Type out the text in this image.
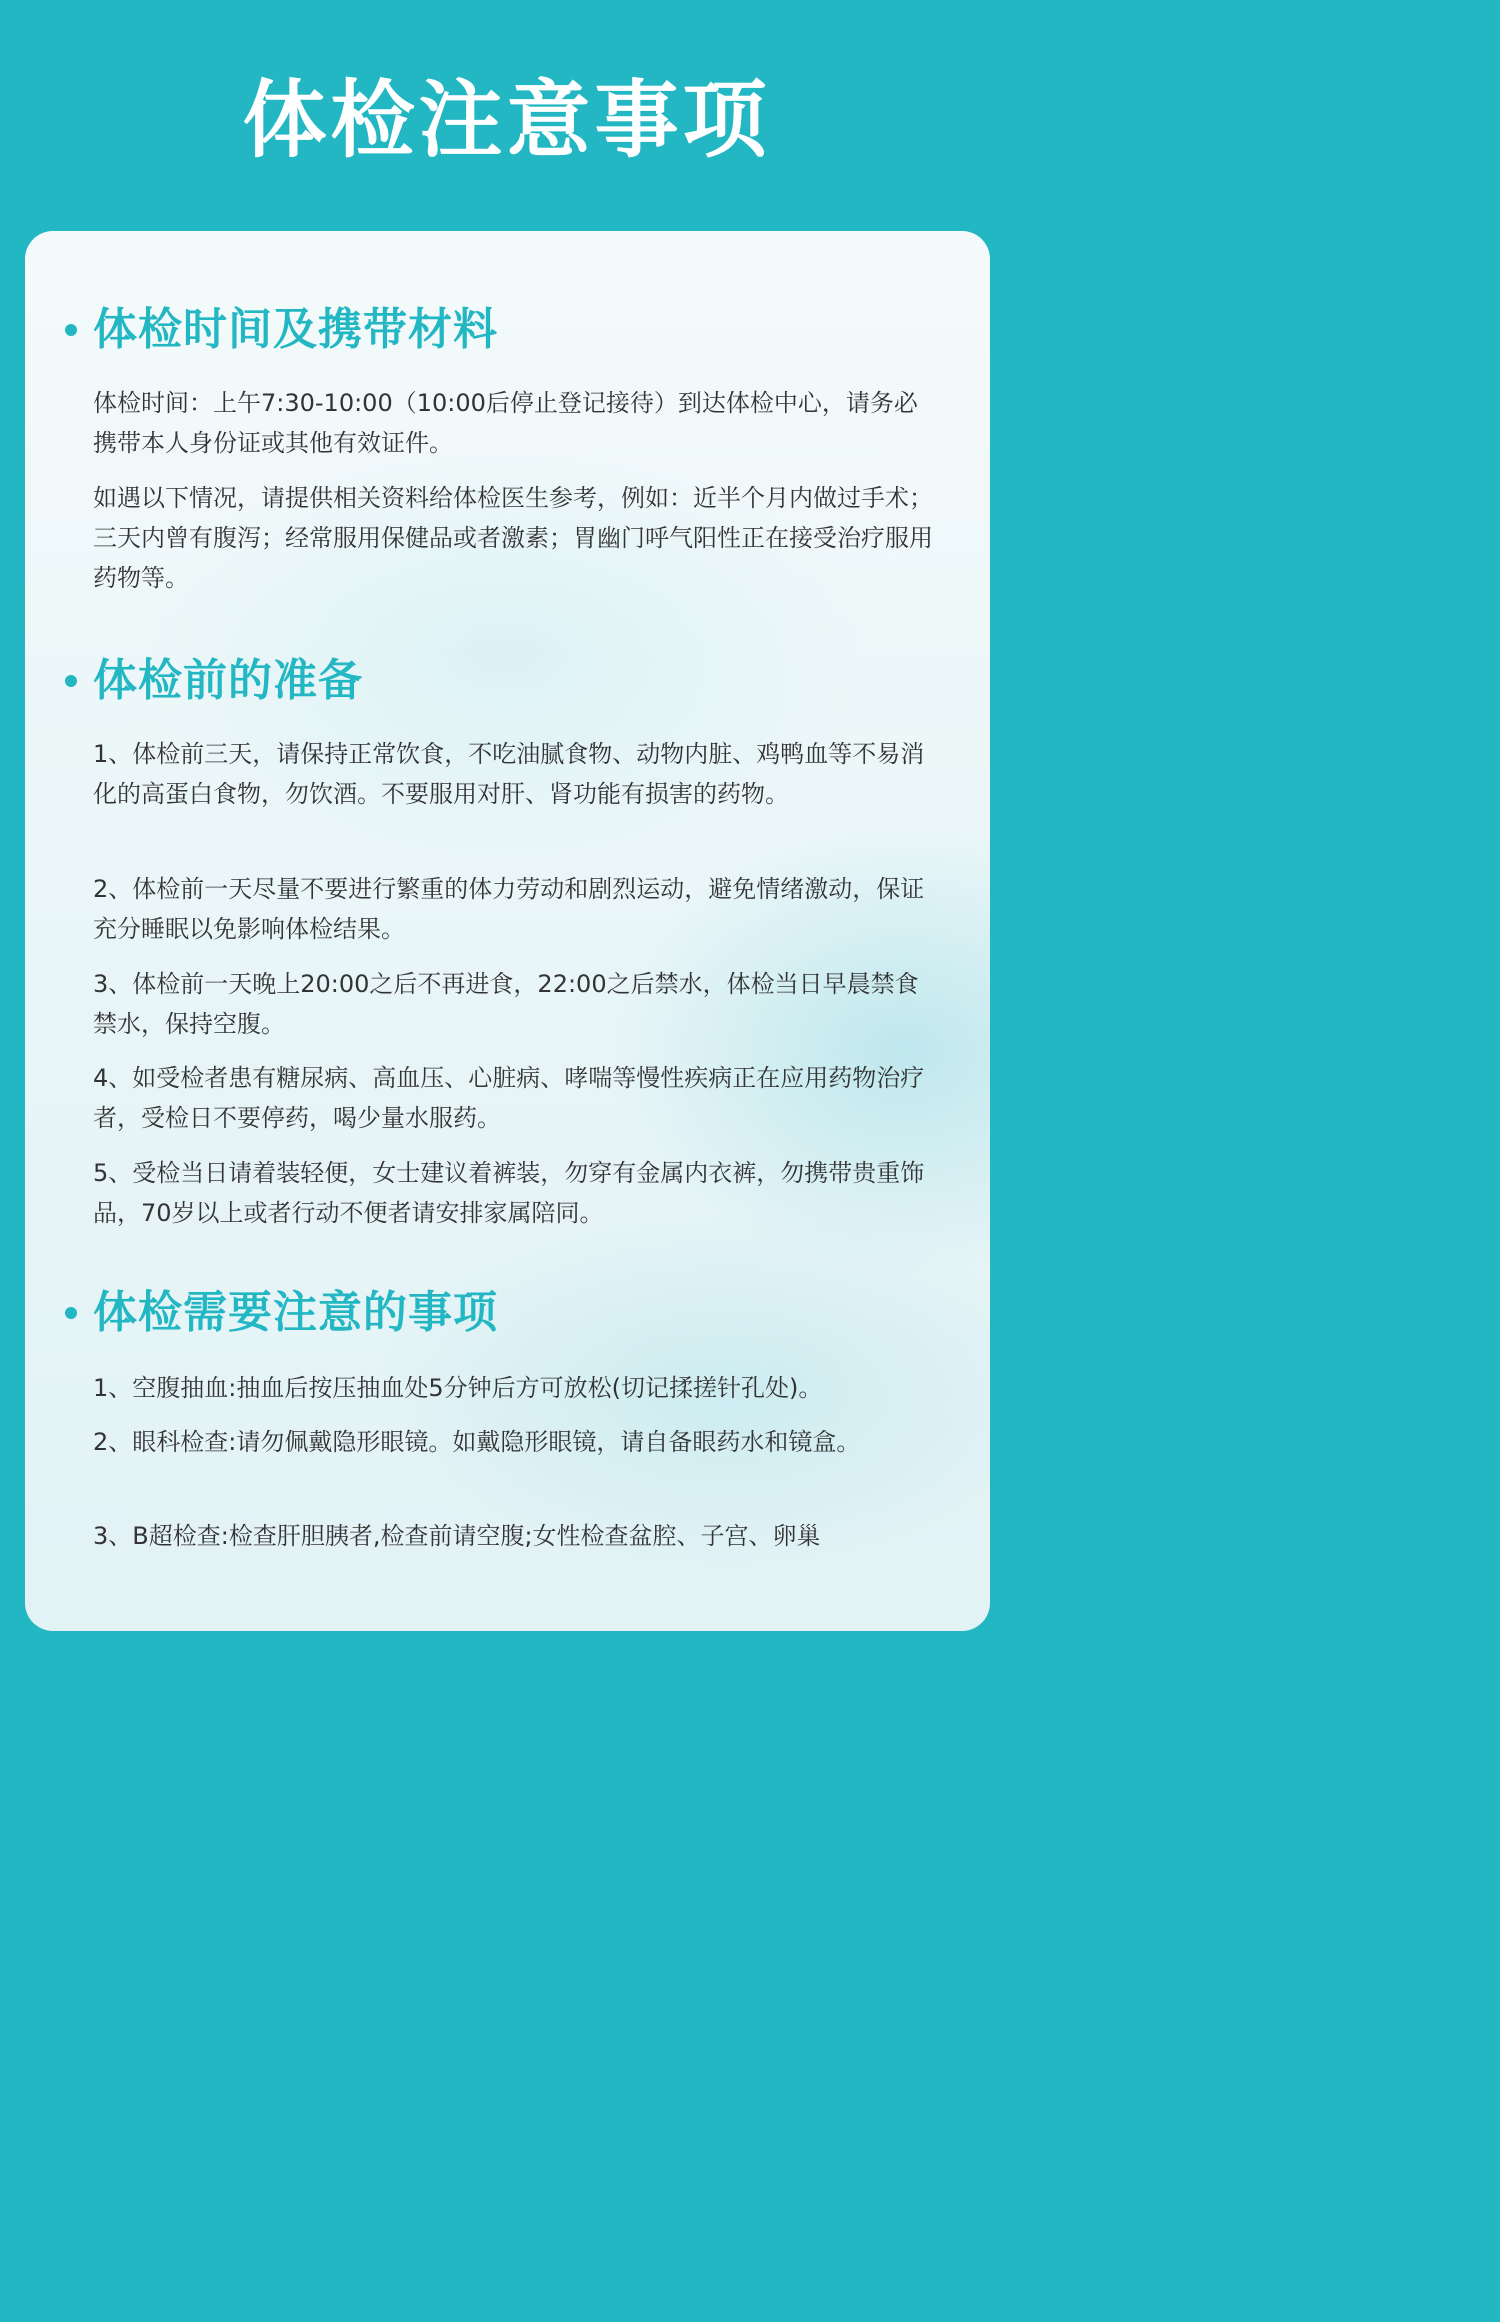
体检注意事项
体检时间及携带材料

体检时间：上午7:30-10:00（10:00后停止登记接待）到达体检中心，请务必携带本人身份证或其他有效证件。

如遇以下情况，请提供相关资料给体检医生参考，例如：近半个月内做过手术；三天内曾有腹泻；经常服用保健品或者激素；胃幽门呼气阳性正在接受治疗服用药物等。

体检前的准备

1、体检前三天，请保持正常饮食，不吃油腻食物、动物内脏、鸡鸭血等不易消化的高蛋白食物，勿饮酒。不要服用对肝、肾功能有损害的药物。

2、体检前一天尽量不要进行繁重的体力劳动和剧烈运动，避免情绪激动，保证充分睡眠以免影响体检结果。

3、体检前一天晚上20:00之后不再进食，22:00之后禁水，体检当日早晨禁食禁水，保持空腹。

4、如受检者患有糖尿病、高血压、心脏病、哮喘等慢性疾病正在应用药物治疗者，受检日不要停药，喝少量水服药。

5、受检当日请着装轻便，女士建议着裤装，勿穿有金属内衣裤，勿携带贵重饰品，70岁以上或者行动不便者请安排家属陪同。

体检需要注意的事项

1、空腹抽血:抽血后按压抽血处5分钟后方可放松(切记揉搓针孔处)。

2、眼科检查:请勿佩戴隐形眼镜。如戴隐形眼镜，请自备眼药水和镜盒。

3、B超检查:检查肝胆胰者,检查前请空腹;女性检查盆腔、子宫、卵巢
